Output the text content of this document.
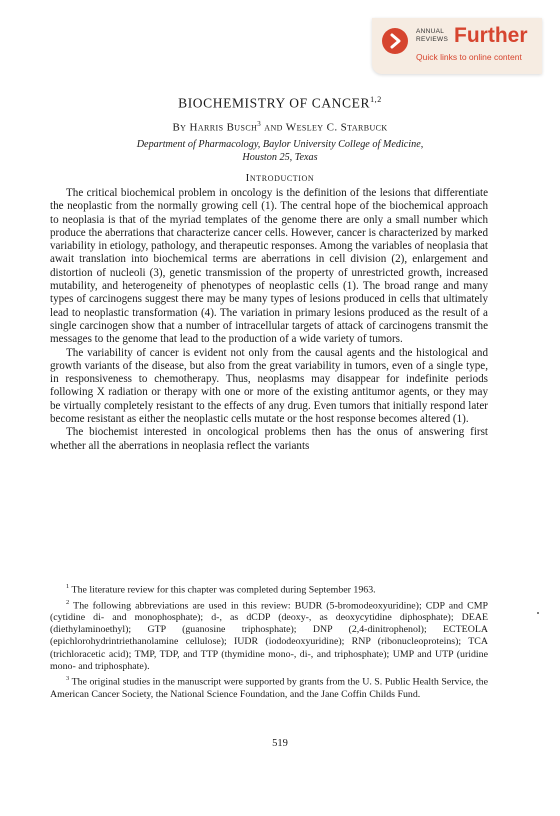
ANNUAL REVIEWS Further
Quick links to online content
BIOCHEMISTRY OF CANCER$^{1,2}$
By Harris Busch$^3$ and Wesley C. Starbuck
Department of Pharmacology, Baylor University College of Medicine,
Houston 25, Texas
Introduction

The critical biochemical problem in oncology is the definition of the lesions that differentiate the neoplastic from the normally growing cell (1). The central hope of the biochemical approach to neoplasia is that of the myriad templates of the genome there are only a small number which produce the aberrations that characterize cancer cells. However, cancer is characterized by marked variability in etiology, pathology, and therapeutic responses. Among the variables of neoplasia that await translation into biochemical terms are aberrations in cell division (2), enlargement and distortion of nucleoli (3), genetic transmission of the property of unrestricted growth, increased mutability, and heterogeneity of phenotypes of neoplastic cells (1). The broad range and many types of carcinogens suggest there may be many types of lesions produced in cells that ultimately lead to neoplastic transformation (4). The variation in primary lesions produced as the result of a single carcinogen show that a number of intracellular targets of attack of carcinogens transmit the messages to the genome that lead to the production of a wide variety of tumors.

The variability of cancer is evident not only from the causal agents and the histological and growth variants of the disease, but also from the great variability in tumors, even of a single type, in responsiveness to chemotherapy. Thus, neoplasms may disappear for indefinite periods following X radiation or therapy with one or more of the existing antitumor agents, or they may be virtually completely resistant to the effects of any drug. Even tumors that initially respond later become resistant as either the neoplastic cells mutate or the host response becomes altered (1).

The biochemist interested in oncological problems then has the onus of answering first whether all the aberrations in neoplasia reflect the variants

$^1$ The literature review for this chapter was completed during September 1963.

$^2$ The following abbreviations are used in this review: BUDR (5-bromodeoxyuridine); CDP and CMP (cytidine di- and monophosphate); d-, as dCDP (deoxy-, as deoxycytidine diphosphate); DEAE (diethylaminoethyl); GTP (guanosine triphosphate); DNP (2,4-dinitrophenol); ECTEOLA (epichlorohydrintriethanolamine cellulose); IUDR (iododeoxyuridine); RNP (ribonucleoproteins); TCA (trichloracetic acid); TMP, TDP, and TTP (thymidine mono-, di-, and triphosphate); UMP and UTP (uridine mono- and triphosphate).

$^3$ The original studies in the manuscript were supported by grants from the U. S. Public Health Service, the American Cancer Society, the National Science Foundation, and the Jane Coffin Childs Fund.

519
